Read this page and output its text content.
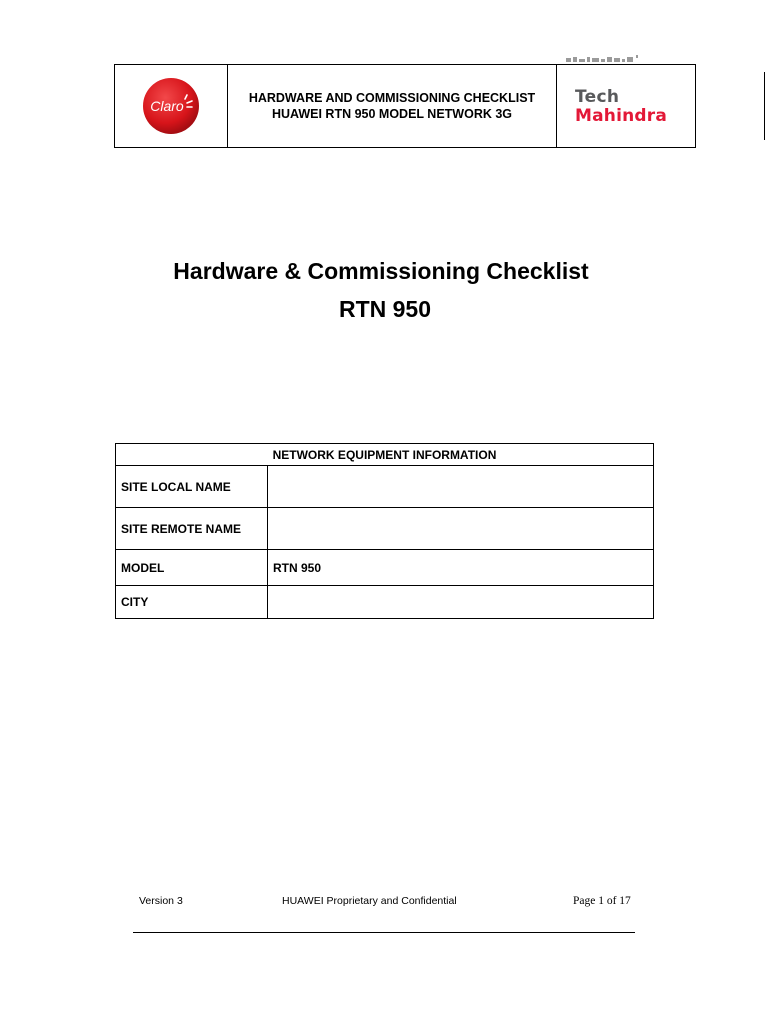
Claro	HARDWARE AND COMMISSIONING CHECKLIST
HUAWEI RTN 950 MODEL NETWORK 3G
Tech
Mahindra
Hardware & Commissioning Checklist
RTN 950
NETWORK EQUIPMENT INFORMATION	
SITE LOCAL NAME	
SITE REMOTE NAME	
MODEL	RTN 950
CITY	
Version 3	HUAWEI Proprietary and Confidential	Page 1 of 17
